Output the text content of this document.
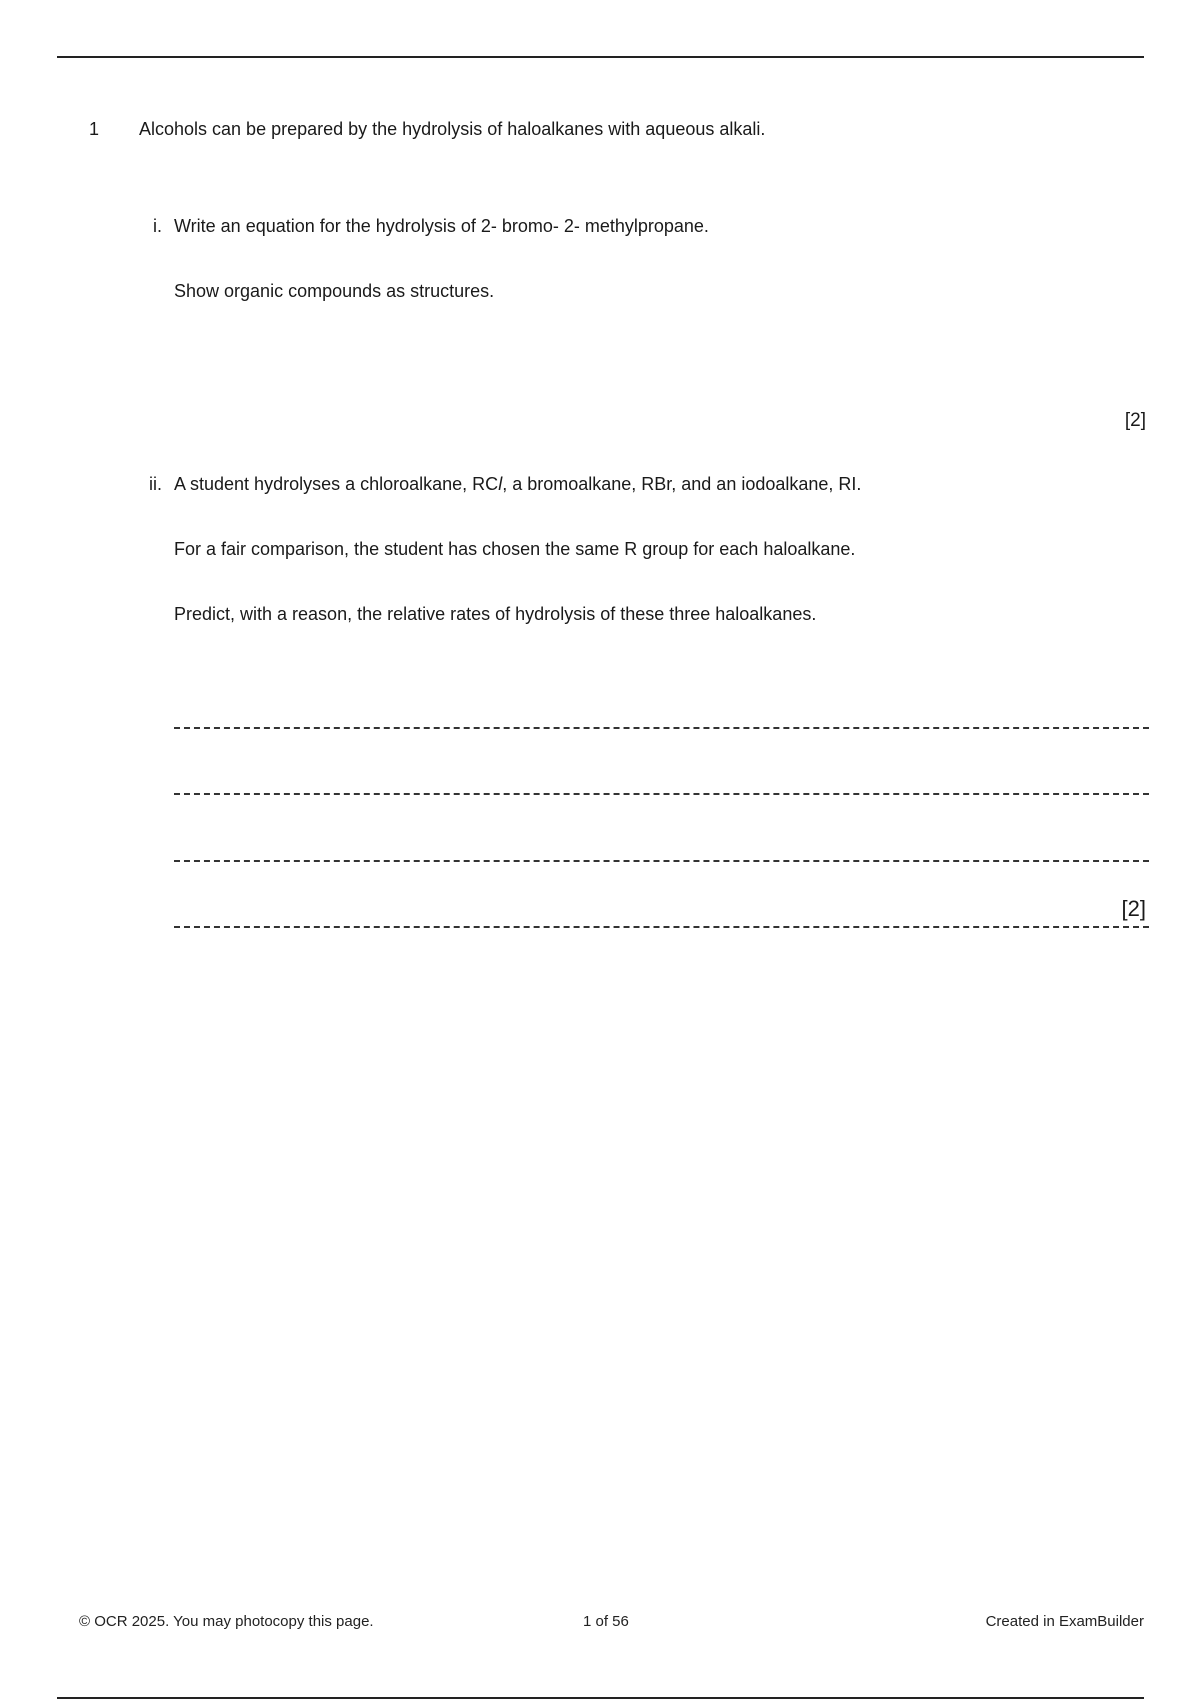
1 Alcohols can be prepared by the hydrolysis of haloalkanes with aqueous alkali.
i. Write an equation for the hydrolysis of 2- bromo- 2- methylpropane.
Show organic compounds as structures.
[2]
ii. A student hydrolyses a chloroalkane, RCl, a bromoalkane, RBr, and an iodoalkane, RI.
For a fair comparison, the student has chosen the same R group for each haloalkane.
Predict, with a reason, the relative rates of hydrolysis of these three haloalkanes.
[2]
© OCR 2025. You may photocopy this page.	1 of 56	Created in ExamBuilder
